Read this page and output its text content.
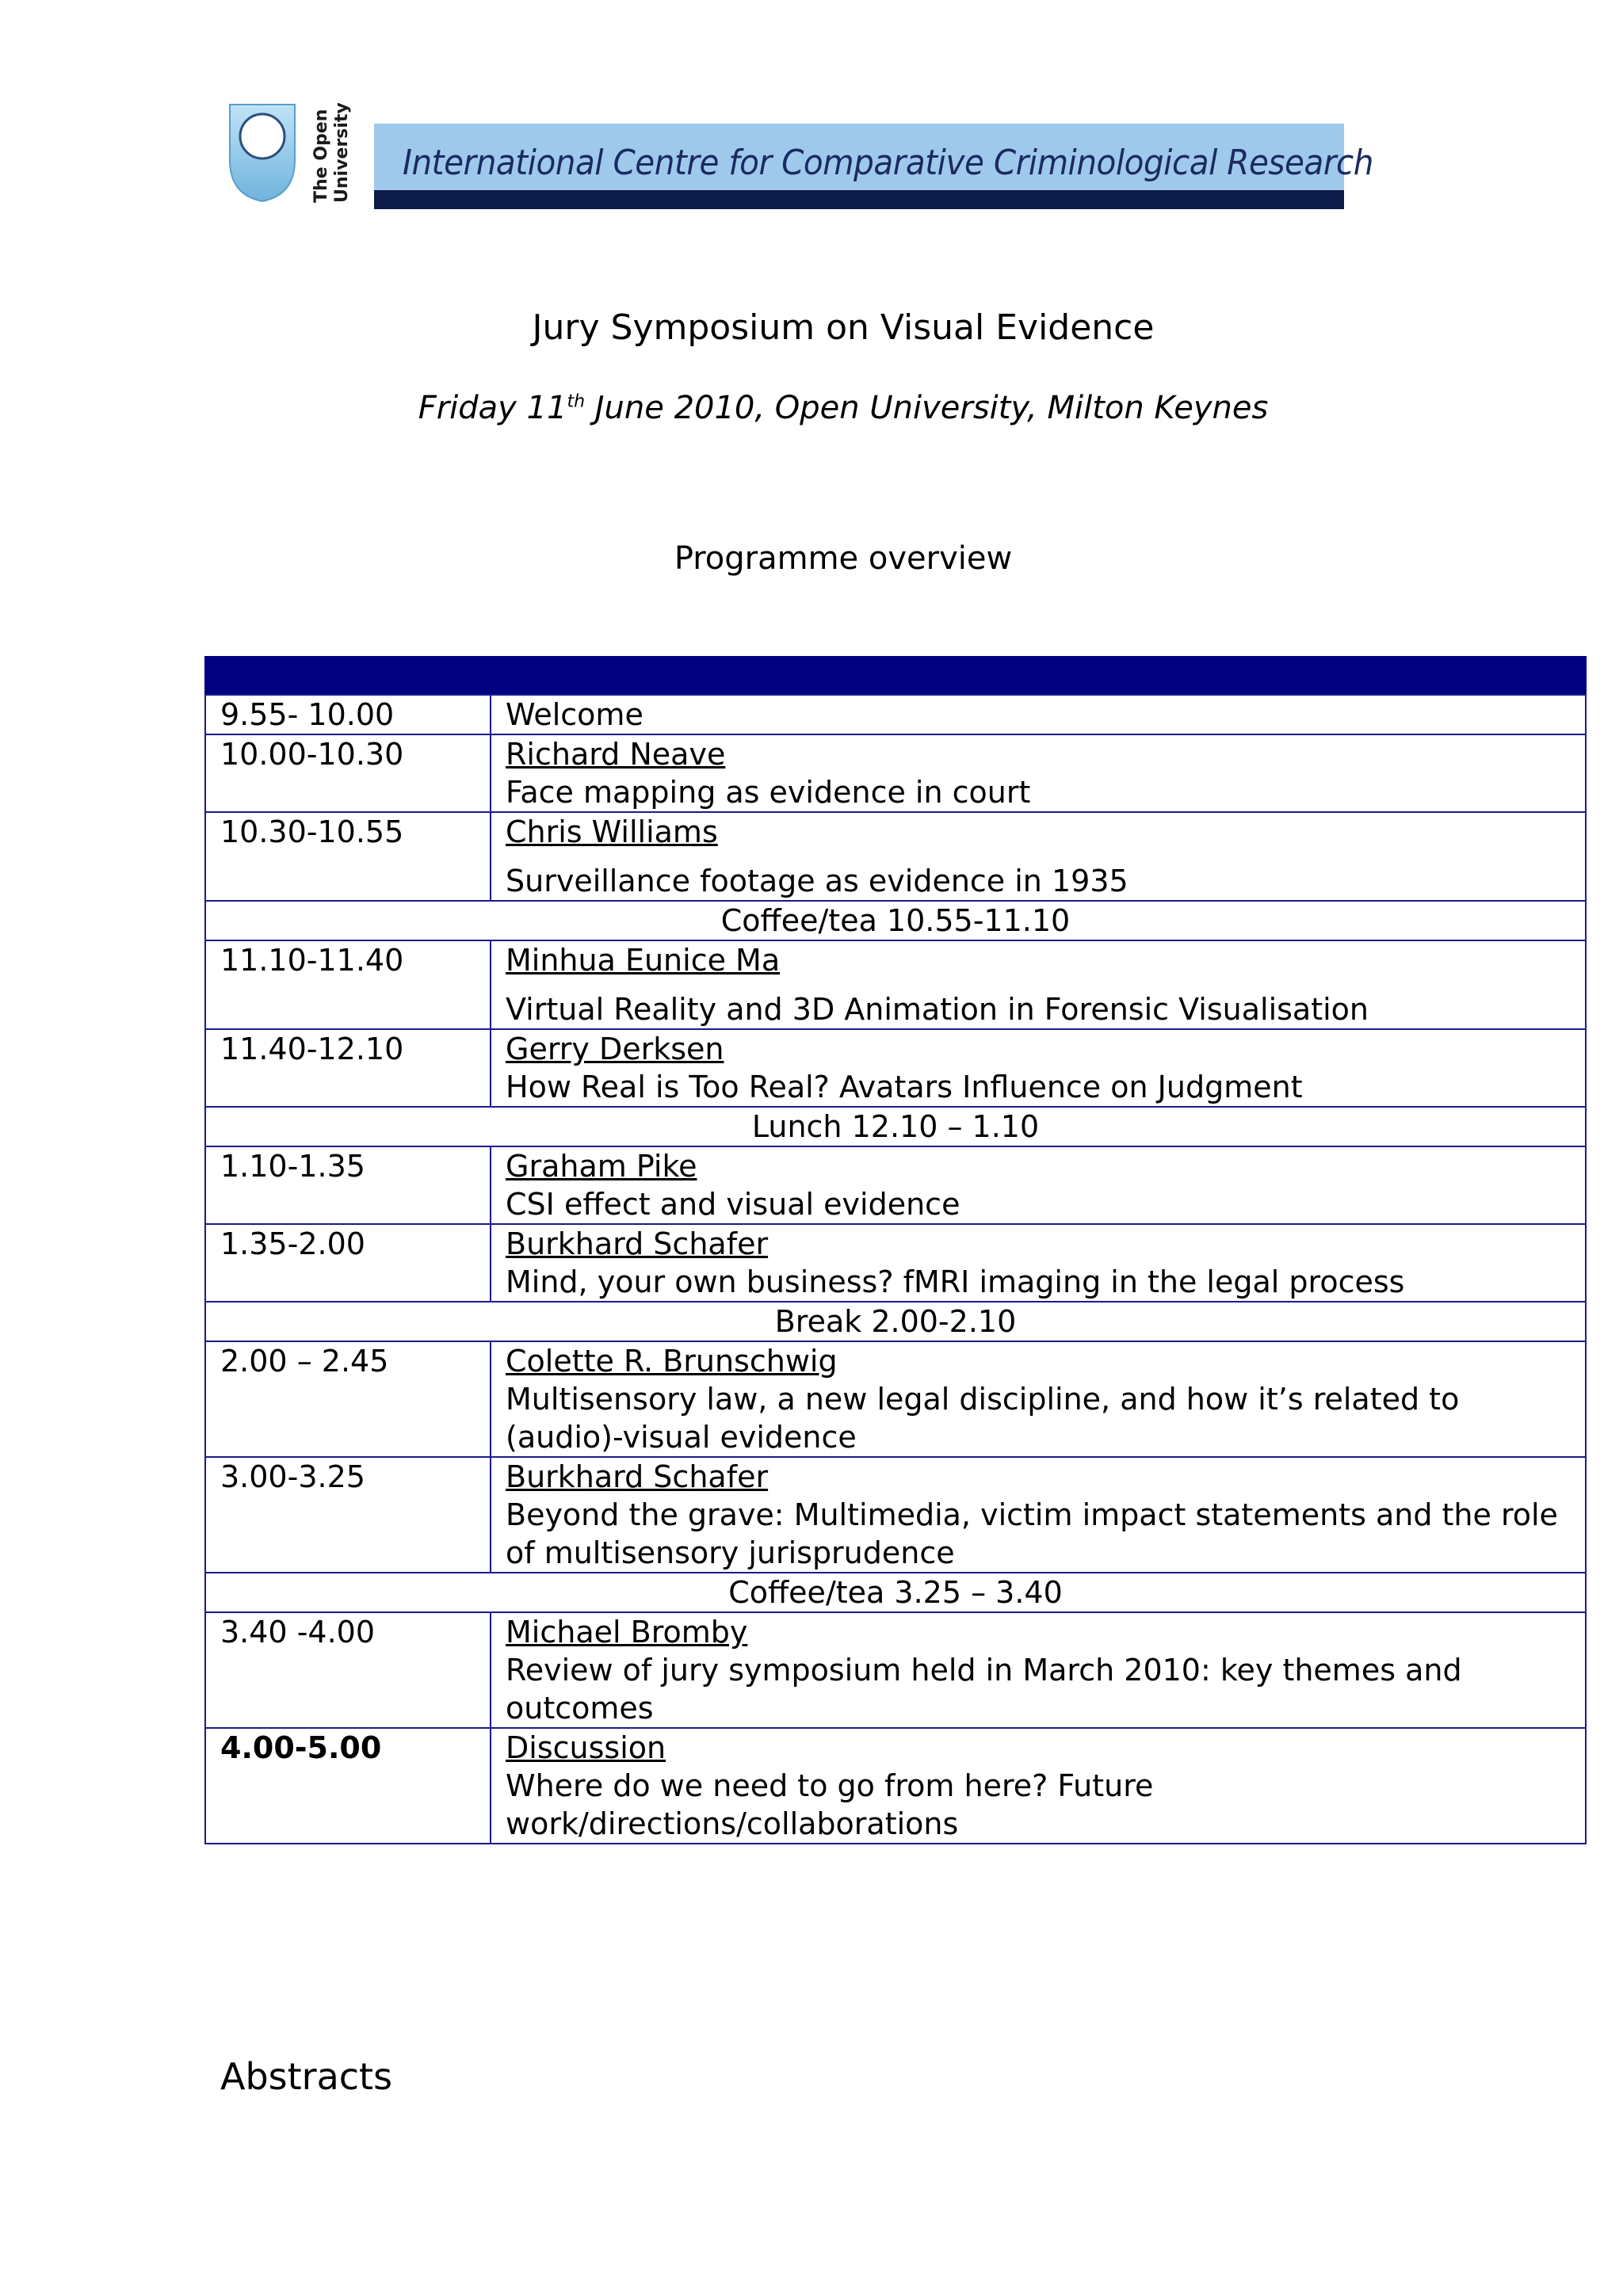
The Open University International Centre for Comparative Criminological Research
Jury Symposium on Visual Evidence
Friday 11th June 2010, Open University, Milton Keynes
Programme overview
9.55- 10.00	Welcome

10.00-10.30	Richard Neave
Face mapping as evidence in court

10.30-10.55	Chris Williams
Surveillance footage as evidence in 1935

Coffee/tea 10.55-11.10	
11.10-11.40	Minhua Eunice Ma
Virtual Reality and 3D Animation in Forensic Visualisation

11.40-12.10	Gerry Derksen
How Real is Too Real? Avatars Influence on Judgment

Lunch 12.10 – 1.10	
1.10-1.35	Graham Pike
CSI effect and visual evidence

1.35-2.00	Burkhard Schafer
Mind, your own business? fMRI imaging in the legal process

Break 2.00-2.10	
2.00 – 2.45	Colette R. Brunschwig
Multisensory law, a new legal discipline, and how it’s related to (audio)-visual evidence

3.00-3.25	Burkhard Schafer
Beyond the grave: Multimedia, victim impact statements and the role of multisensory jurisprudence

Coffee/tea 3.25 – 3.40	
3.40 -4.00	Michael Bromby
Review of jury symposium held in March 2010: key themes and outcomes

4.00-5.00	Discussion
Where do we need to go from here? Future work/directions/collaborations
Abstracts
